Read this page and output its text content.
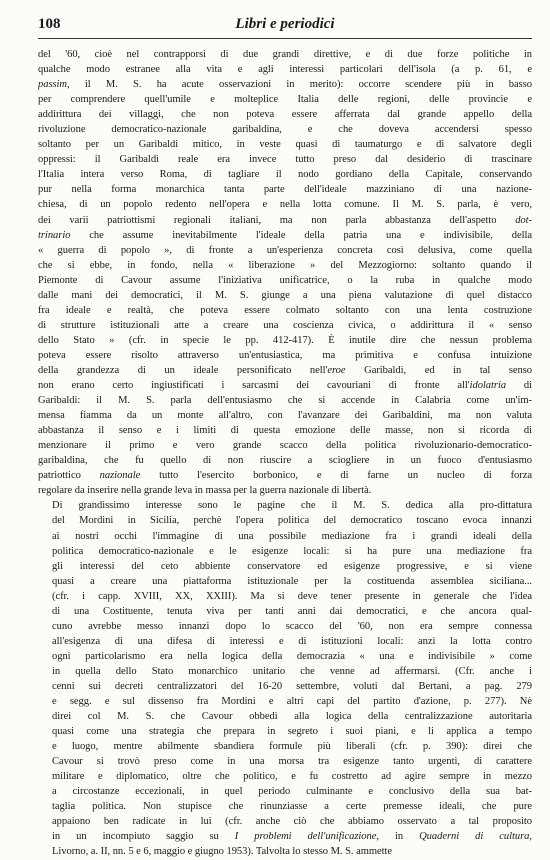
108	Libri e periodici

del '60, cioè nel contrapporsi di due grandi direttive, e di due forze politiche in
qualche modo estranee alla vita e agli interessi particolari dell'isola (a p. 61, e
passim, il M. S. ha acute osservazioni in merito): occorre scendere più in basso
per comprendere quell'umile e molteplice Italia delle regioni, delle provincie e
addirittura dei villaggi, che non poteva essere afferrata dal grande appello della
rivoluzione democratico-nazionale garibaldina, e che doveva accendersi spesso
soltanto per un Garibaldi mitico, in veste quasi di taumaturgo e di salvatore degli
oppressi: il Garibaldi reale era invece tutto preso dal desiderio di trascinare
l'Italia intera verso Roma, di tagliare il nodo gordiano della Capitale, conservando
pur nella forma monarchica tanta parte dell'ideale mazziniano di una nazione-
chiesa, di un popolo redento nell'opera e nella lotta comune. Il M. S. parla, è vero,
dei varii patriottismi regionali italiani, ma non parla abbastanza dell'aspetto dot-
trinario che assume inevitabilmente l'ideale della patria una e indivisibile, della
« guerra di popolo », di fronte a un'esperienza concreta così delusiva, come quella
che si ebbe, in fondo, nella « liberazione » del Mezzogiorno: soltanto quando il
Piemonte di Cavour assume l'iniziativa unificatrice, o la ruba in qualche modo
dalle mani dei democratici, il M. S. giunge a una piena valutazione di quel distacco
fra ideale e realtà, che poteva essere colmato soltanto con una lenta costruzione
di strutture istituzionali atte a creare una coscienza civica, o addirittura il « senso
dello Stato » (cfr. in specie le pp. 412-417). È inutile dire che nessun problema
poteva essere risolto attraverso un'entusiastica, ma primitiva e confusa intuizione
della grandezza di un ideale personificato nell'eroe Garibaldi, ed in tal senso
non erano certo ingiustificati i sarcasmi dei cavouriani di fronte all'idolatria di
Garibaldi: il M. S. parla dell'entusiasmo che si accende in Calabria come un'im-
mensa fiamma da un monte all'altro, con l'avanzare dei Garibaldini, ma non valuta
abbastanza il senso e i limiti di questa emozione delle masse, non si ricorda di
menzionare il primo e vero grande scacco della politica rivoluzionario-democratico-
garibaldina, che fu quello di non riuscire a sciogliere in un fuoco d'entusiasmo
patriottico nazionale tutto l'esercito borbonico, e di farne un nucleo di forza
regolare da inserire nella grande leva in massa per la guerra nazionale di libertà.

Di grandissimo interesse sono le pagine che il M. S. dedica alla pro-dittatura
del Mordini in Sicilia, perchè l'opera politica del democratico toscano evoca innanzi
ai nostri occhi l'immagine di una possibile mediazione fra i grandi ideali della
politica democratico-nazionale e le esigenze locali: si ha pure una mediazione fra
gli interessi del ceto abbiente conservatore ed esigenze progressive, e si viene
quasi a creare una piattaforma istituzionale per la costituenda assemblea siciliana...
(cfr. i capp. XVIII, XX, XXIII). Ma si deve tener presente in generale che l'idea
di una Costituente, tenuta viva per tanti anni dai democratici, e che ancora qual-
cuno avrebbe messo innanzi dopo lo scacco del '60, non era sempre connessa
all'esigenza di una difesa di interessi e di istituzioni locali: anzi la lotta contro
ogni particolarismo era nella logica della democrazia « una e indivisibile » come
in quella dello Stato monarchico unitario che venne ad affermarsi. (Cfr. anche i
cenni sui decreti centralizzatori del 16-20 settembre, voluti dal Bertani, a pag. 279
e segg. e sul dissenso fra Mordini e altri capi del partito d'azione, p. 277). Nè
direi col M. S. che Cavour obbedì alla logica della centralizzazione autoritaria
quasi come una strategia che prepara in segreto i suoi piani, e li applica a tempo
e luogo, mentre abilmente sbandiera formule più liberali (cfr. p. 390): direi che
Cavour si trovò preso come in una morsa tra esigenze tanto urgenti, di carattere
militare e diplomatico, oltre che politico, e fu costretto ad agire sempre in mezzo
a circostanze eccezionali, in quel periodo culminante e conclusivo della sua bat-
taglia politica. Non stupisce che rinunziasse a certe premesse ideali, che pure
appaiono ben radicate in lui (cfr. anche ciò che abbiamo osservato a tal proposito
in un incompiuto saggio su I problemi dell'unificazione, in Quaderni di cultura,
Livorno, a. II, nn. 5 e 6, maggio e giugno 1953). Talvolta lo stesso M. S. ammette
